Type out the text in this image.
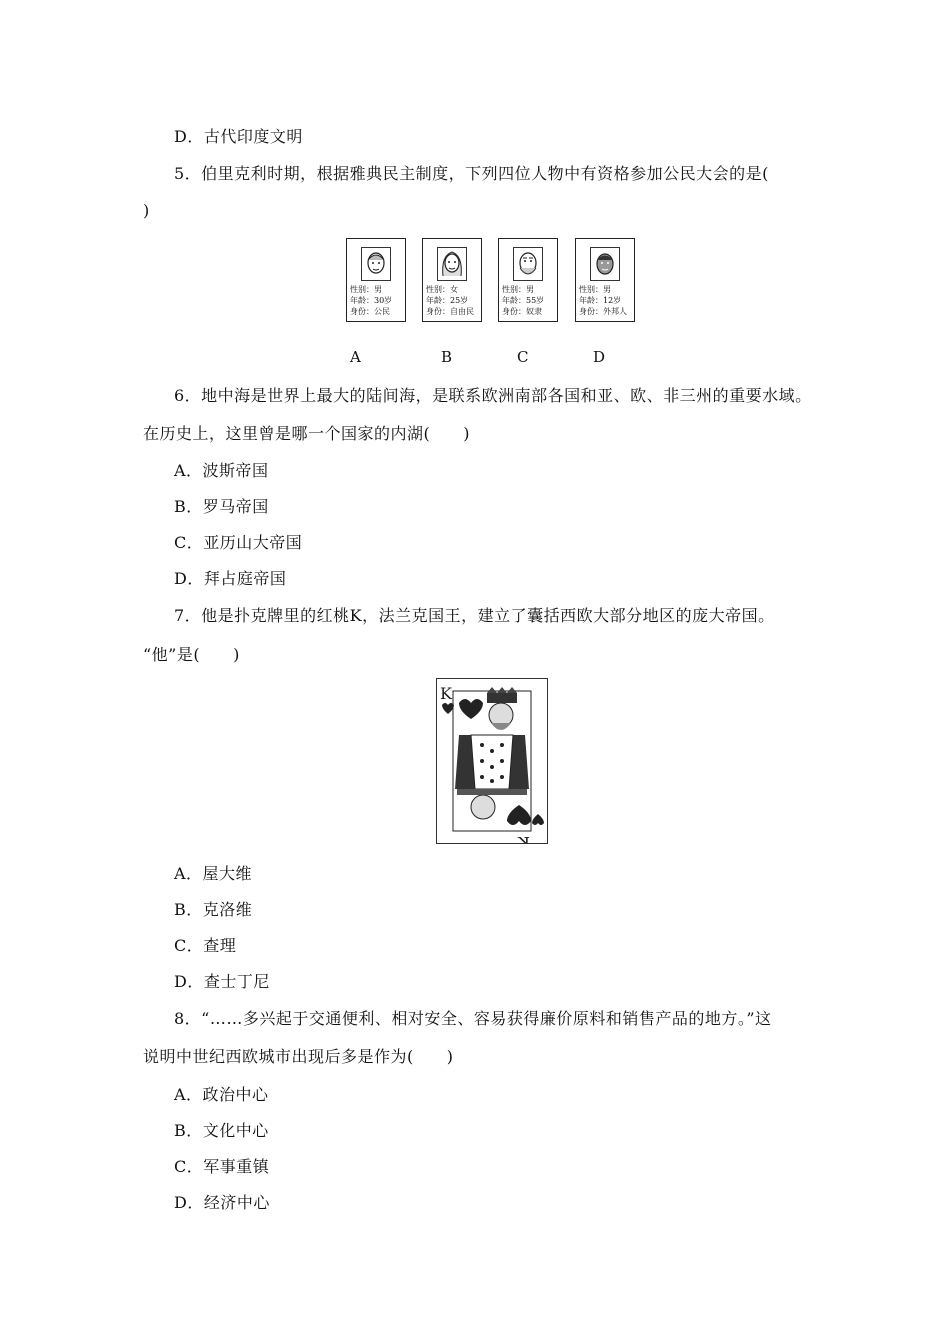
D．古代印度文明
5．伯里克利时期，根据雅典民主制度，下列四位人物中有资格参加公民大会的是(
)
性别：男
年龄：30岁
身份：公民
性别：女
年龄：25岁
身份：自由民
性别：男
年龄：55岁
身份：奴隶
性别：男
年龄：12岁
身份：外邦人
A	B	C	D
6．地中海是世界上最大的陆间海，是联系欧洲南部各国和亚、欧、非三州的重要水域。
在历史上，这里曾是哪一个国家的内湖(　　)
A．波斯帝国
B．罗马帝国
C．亚历山大帝国
D．拜占庭帝国
7．他是扑克牌里的红桃K，法兰克国王，建立了囊括西欧大部分地区的庞大帝国。
“他”是(　　)
K
K
A．屋大维
B．克洛维
C．查理
D．查士丁尼
8．“……多兴起于交通便利、相对安全、容易获得廉价原料和销售产品的地方。”这
说明中世纪西欧城市出现后多是作为(　　)
A．政治中心
B．文化中心
C．军事重镇
D．经济中心
